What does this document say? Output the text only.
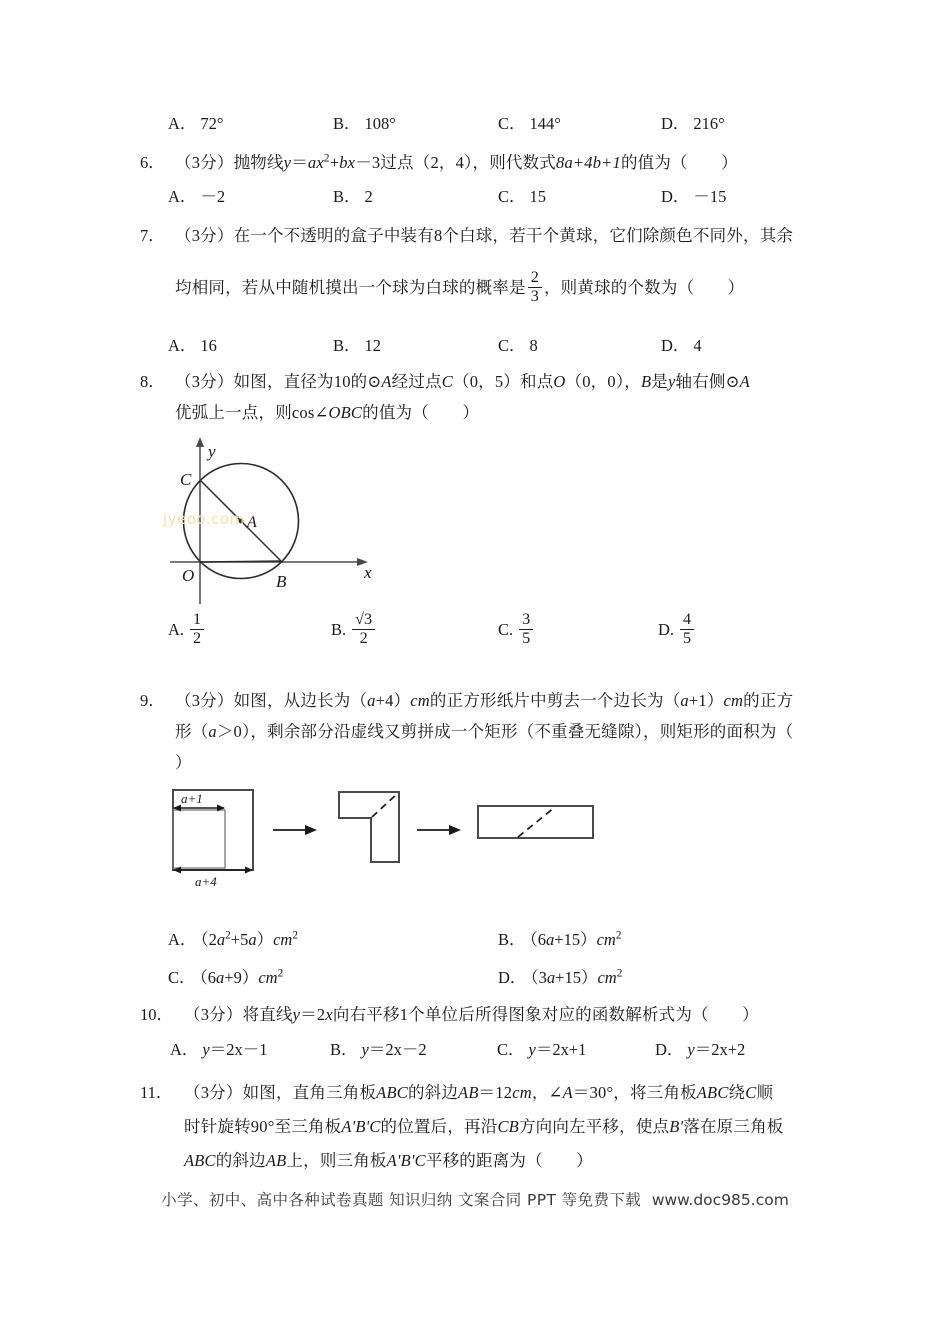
A． 72°	B． 108°	C． 144°	D． 216°
6． （3分）抛物线$y=ax^2+bx-3$过点（2，4），则代数式8a+4b+1的值为（　　）
A． －2	B． 2	C． 15	D． －15
7． （3分）在一个不透明的盒子中装有8个白球，若干个黄球，它们除颜色不同外，其余
均相同，若从中随机摸出一个球为白球的概率是 $\frac{2}{3}$ ，则黄球的个数为（　　）
A． 16	B． 12	C． 8	D． 4
8． （3分）如图，直径为10的⊙A经过点C（0，5）和点O（0，0），B是y轴右侧⊙A
优弧上一点，则cos∠OBC的值为（　　）
jyeoo.com
C
O
A
B	x
y
A. $\frac{1}{2}$	B. $\frac{√3}{2}$	C. $\frac{3}{5}$	D. $\frac{4}{5}$
9． （3分）如图，从边长为（a+4）cm的正方形纸片中剪去一个边长为（a+1）cm的正方
形（a＞0），剩余部分沿虚线又剪拼成一个矩形（不重叠无缝隙），则矩形的面积为（
）
a+1
a+4
A． $(2a^2+5a)cm^2$	B． $(6a+15)cm^2$
C． $(6a+9)cm^2$	D． $(3a+15)cm^2$
10． （3分）将直线y＝2x向右平移1个单位后所得图象对应的函数解析式为（　　）
A． y＝2x－1	B． y＝2x－2	C． y＝2x+1	D． y＝2x+2
11． （3分）如图，直角三角板ABC的斜边AB＝12cm，∠A＝30°，将三角板ABC绕C顺
时针旋转90°至三角板A'B'C的位置后，再沿CB方向向左平移，使点B'落在原三角板
ABC的斜边AB上，则三角板A'B'C平移的距离为（　　）
小学、初中、高中各种试卷真题 知识归纳 文案合同 PPT 等免费下载 www.doc985.com
